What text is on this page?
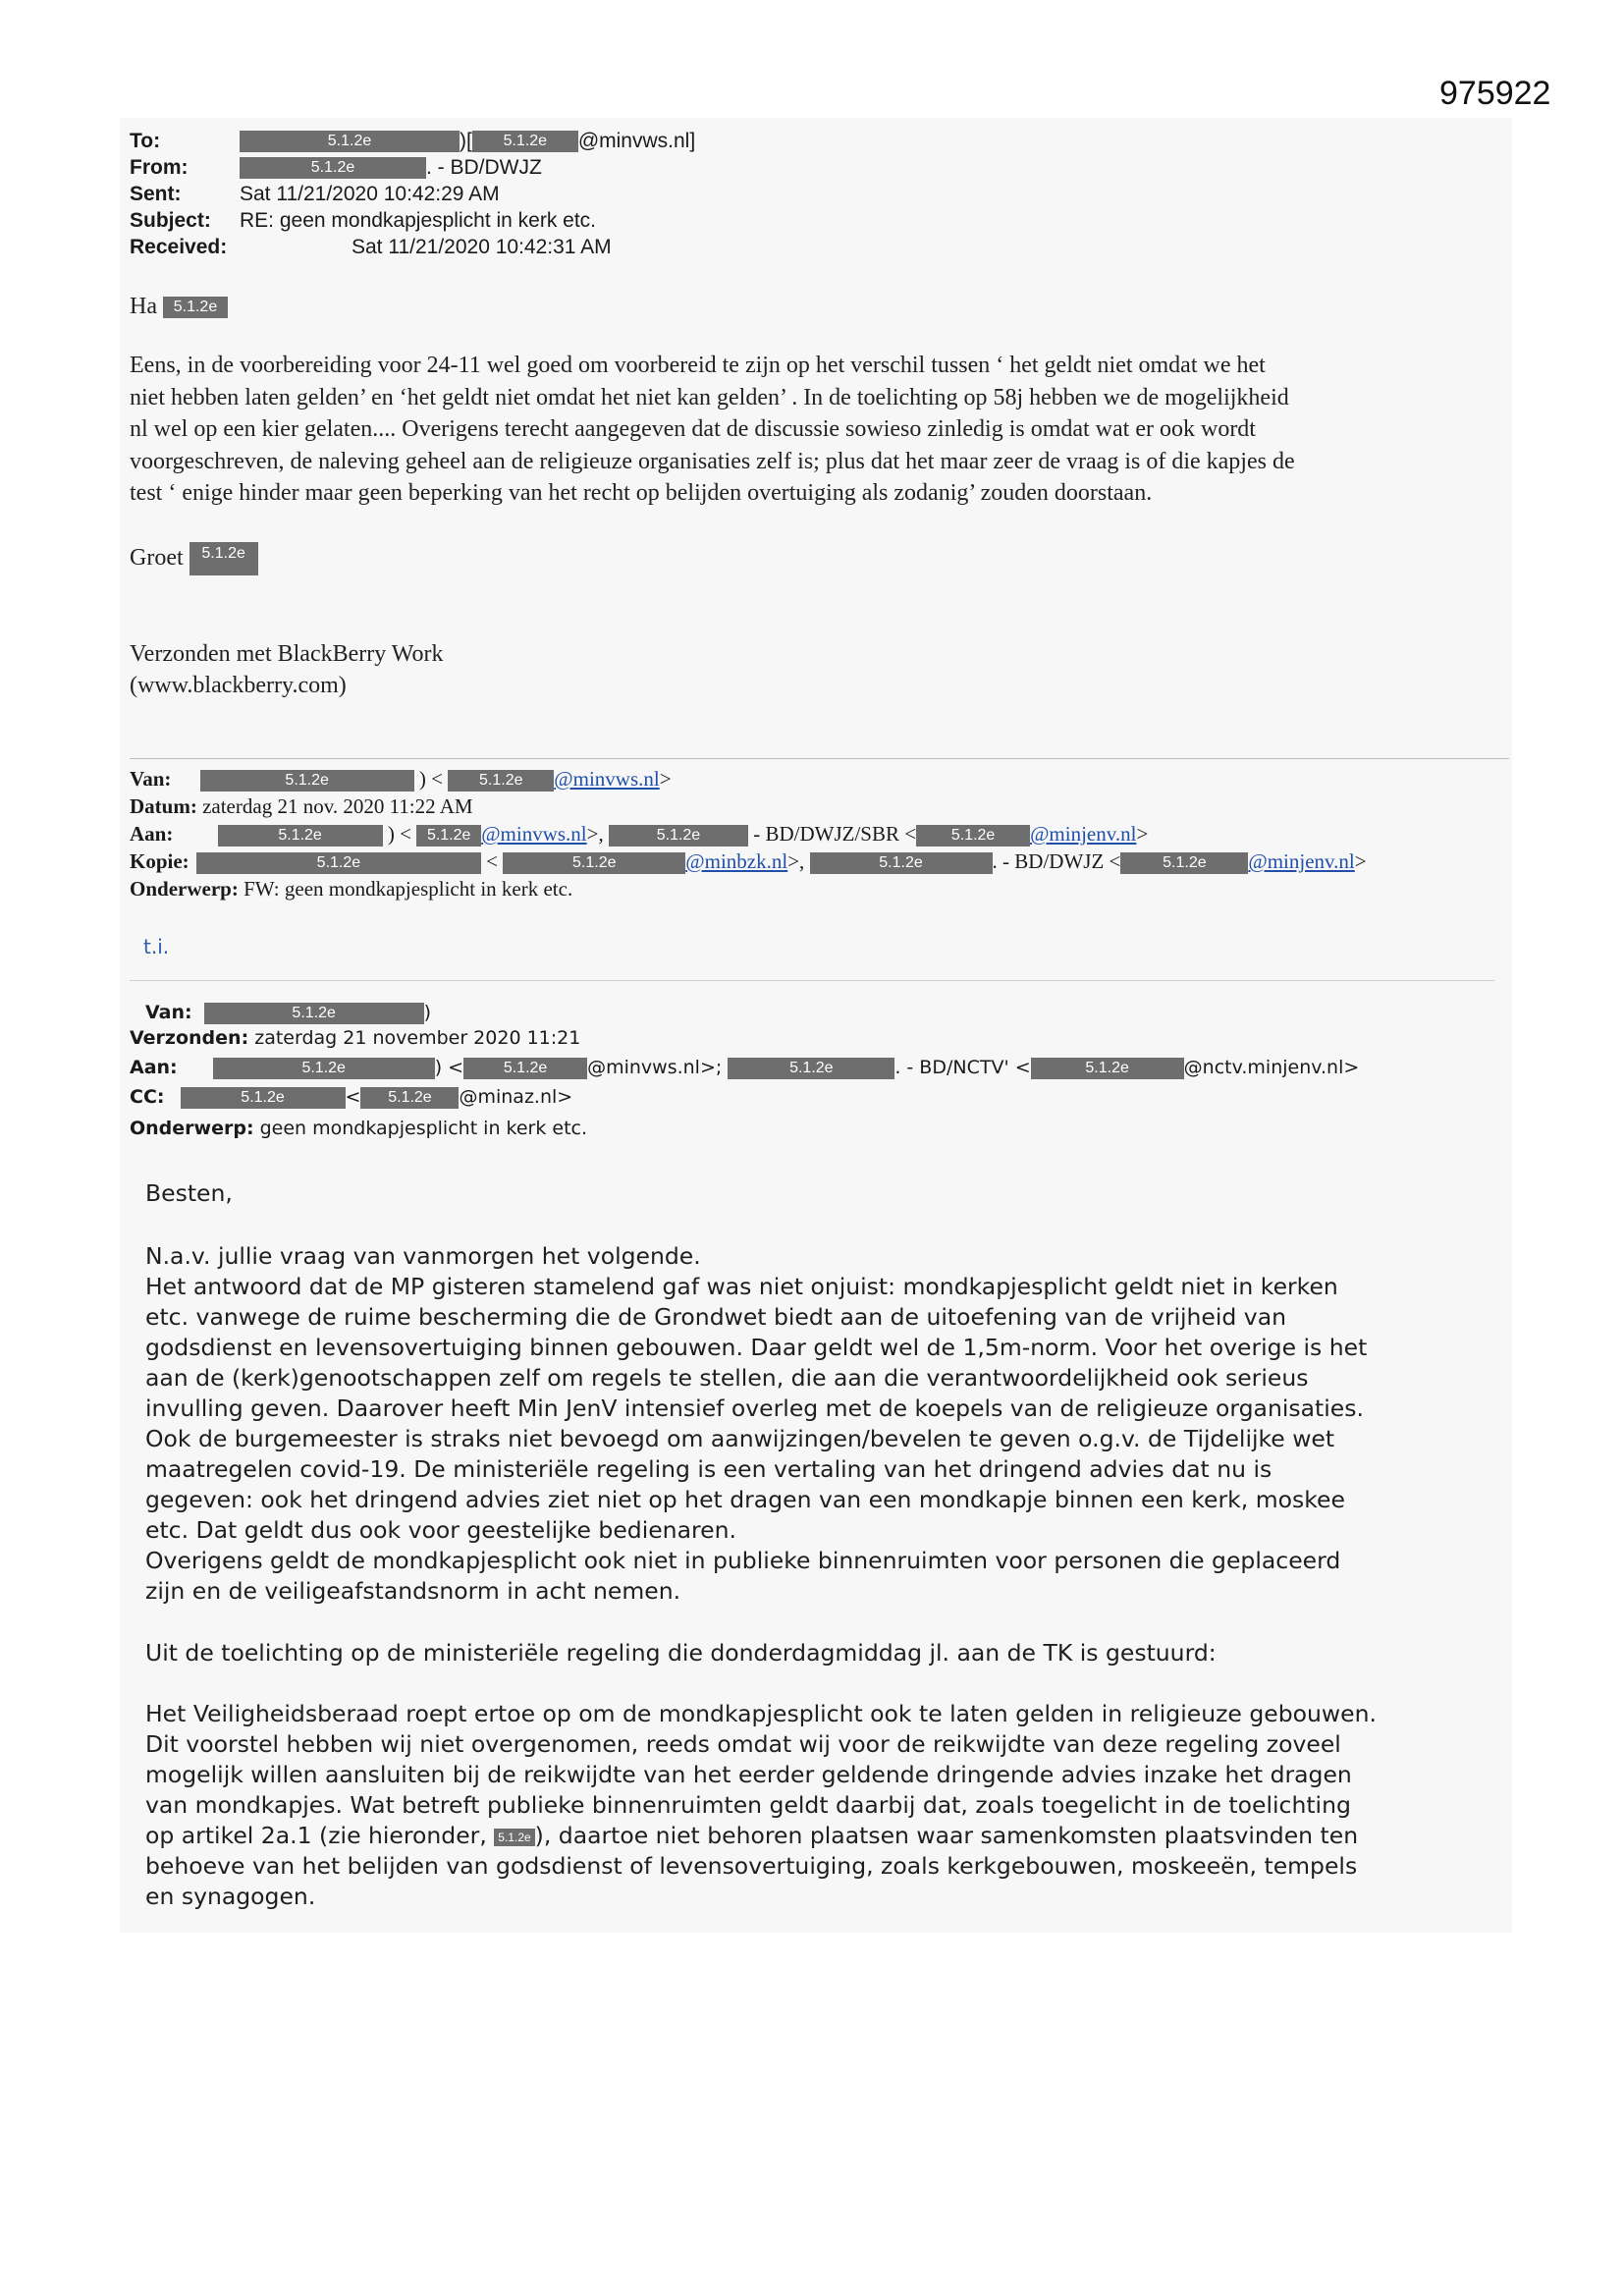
975922
To:	5.1.2e	)[ 5.1.2e @minvws.nl]
From:	5.1.2e	. - BD/DWJZ
Sent:	Sat 11/21/2020 10:42:29 AM
Subject: RE: geen mondkapjesplicht in kerk etc.
Received:	Sat 11/21/2020 10:42:31 AM
Ha 5.1.2e
Eens, in de voorbereiding voor 24-11 wel goed om voorbereid te zijn op het verschil tussen ‘ het geldt niet omdat we het
niet hebben laten gelden’ en ‘het geldt niet omdat het niet kan gelden’ . In de toelichting op 58j hebben we de mogelijkheid
nl wel op een kier gelaten.... Overigens terecht aangegeven dat de discussie sowieso zinledig is omdat wat er ook wordt
voorgeschreven, de naleving geheel aan de religieuze organisaties zelf is; plus dat het maar zeer de vraag is of die kapjes de
test ‘ enige hinder maar geen beperking van het recht op belijden overtuiging als zodanig’ zouden doorstaan.
Groet 5.1.2e
Verzonden met BlackBerry Work
(www.blackberry.com)
Van:	5.1.2e	) < 5.1.2e @minvws.nl>
Datum: zaterdag 21 nov. 2020 11:22 AM
Aan:	5.1.2e	) < 5.1.2e @minvws.nl>,	5.1.2e	- BD/DWJZ/SBR < 5.1.2e @minjenv.nl>
Kopie:	5.1.2e	<	5.1.2e	@minbzk.nl>,	5.1.2e	. - BD/DWJZ <	5.1.2e @minjenv.nl>
Onderwerp: FW: geen mondkapjesplicht in kerk etc.
t.i.
Van:	5.1.2e	)
Verzonden: zaterdag 21 november 2020 11:21
Aan:	5.1.2e	) <	5.1.2e @minvws.nl>;	5.1.2e	. - BD/NCTV' <	5.1.2e	@nctv.minjenv.nl>
CC:	5.1.2e	< 5.1.2e @minaz.nl>
Onderwerp: geen mondkapjesplicht in kerk etc.
Besten,

N.a.v. jullie vraag van vanmorgen het volgende.

Het antwoord dat de MP gisteren stamelend gaf was niet onjuist: mondkapjesplicht geldt niet in kerken

etc. vanwege de ruime bescherming die de Grondwet biedt aan de uitoefening van de vrijheid van

godsdienst en levensovertuiging binnen gebouwen. Daar geldt wel de 1,5m-norm. Voor het overige is het

aan de (kerk)genootschappen zelf om regels te stellen, die aan die verantwoordelijkheid ook serieus

invulling geven. Daarover heeft Min JenV intensief overleg met de koepels van de religieuze organisaties.

Ook de burgemeester is straks niet bevoegd om aanwijzingen/bevelen te geven o.g.v. de Tijdelijke wet

maatregelen covid-19. De ministeriële regeling is een vertaling van het dringend advies dat nu is

gegeven: ook het dringend advies ziet niet op het dragen van een mondkapje binnen een kerk, moskee

etc. Dat geldt dus ook voor geestelijke bedienaren.

Overigens geldt de mondkapjesplicht ook niet in publieke binnenruimten voor personen die geplaceerd

zijn en de veiligeafstandsnorm in acht nemen.

Uit de toelichting op de ministeriële regeling die donderdagmiddag jl. aan de TK is gestuurd:

Het Veiligheidsberaad roept ertoe op om de mondkapjesplicht ook te laten gelden in religieuze gebouwen.

Dit voorstel hebben wij niet overgenomen, reeds omdat wij voor de reikwijdte van deze regeling zoveel

mogelijk willen aansluiten bij de reikwijdte van het eerder geldende dringende advies inzake het dragen

van mondkapjes. Wat betreft publieke binnenruimten geldt daarbij dat, zoals toegelicht in de toelichting

op artikel 2a.1 (zie hieronder, 5.1.2e ), daartoe niet behoren plaatsen waar samenkomsten plaatsvinden ten

behoeve van het belijden van godsdienst of levensovertuiging, zoals kerkgebouwen, moskeeën, tempels

en synagogen.
